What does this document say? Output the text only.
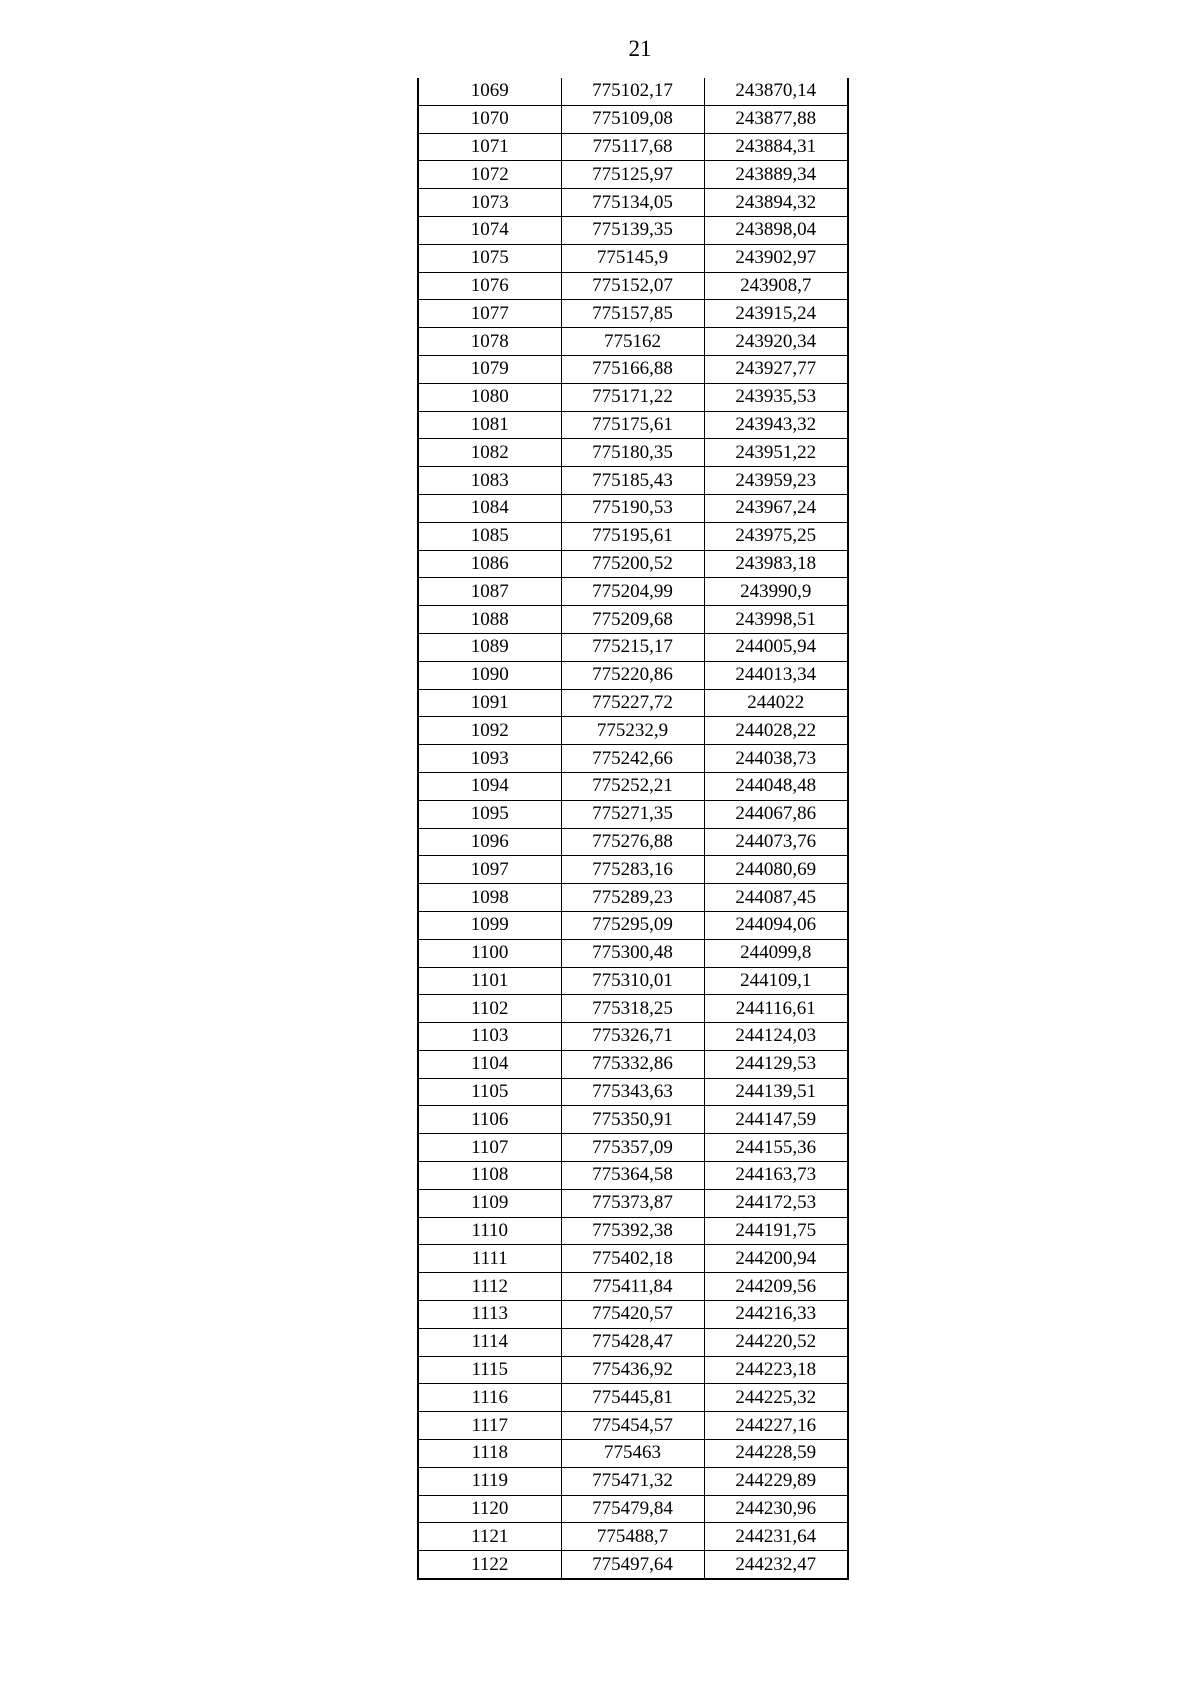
21
1069	775102,17	243870,14
1070	775109,08	243877,88
1071	775117,68	243884,31
1072	775125,97	243889,34
1073	775134,05	243894,32
1074	775139,35	243898,04
1075	775145,9	243902,97
1076	775152,07	243908,7
1077	775157,85	243915,24
1078	775162	243920,34
1079	775166,88	243927,77
1080	775171,22	243935,53
1081	775175,61	243943,32
1082	775180,35	243951,22
1083	775185,43	243959,23
1084	775190,53	243967,24
1085	775195,61	243975,25
1086	775200,52	243983,18
1087	775204,99	243990,9
1088	775209,68	243998,51
1089	775215,17	244005,94
1090	775220,86	244013,34
1091	775227,72	244022
1092	775232,9	244028,22
1093	775242,66	244038,73
1094	775252,21	244048,48
1095	775271,35	244067,86
1096	775276,88	244073,76
1097	775283,16	244080,69
1098	775289,23	244087,45
1099	775295,09	244094,06
1100	775300,48	244099,8
1101	775310,01	244109,1
1102	775318,25	244116,61
1103	775326,71	244124,03
1104	775332,86	244129,53
1105	775343,63	244139,51
1106	775350,91	244147,59
1107	775357,09	244155,36
1108	775364,58	244163,73
1109	775373,87	244172,53
1110	775392,38	244191,75
1111	775402,18	244200,94
1112	775411,84	244209,56
1113	775420,57	244216,33
1114	775428,47	244220,52
1115	775436,92	244223,18
1116	775445,81	244225,32
1117	775454,57	244227,16
1118	775463	244228,59
1119	775471,32	244229,89
1120	775479,84	244230,96
1121	775488,7	244231,64
1122	775497,64	244232,47
